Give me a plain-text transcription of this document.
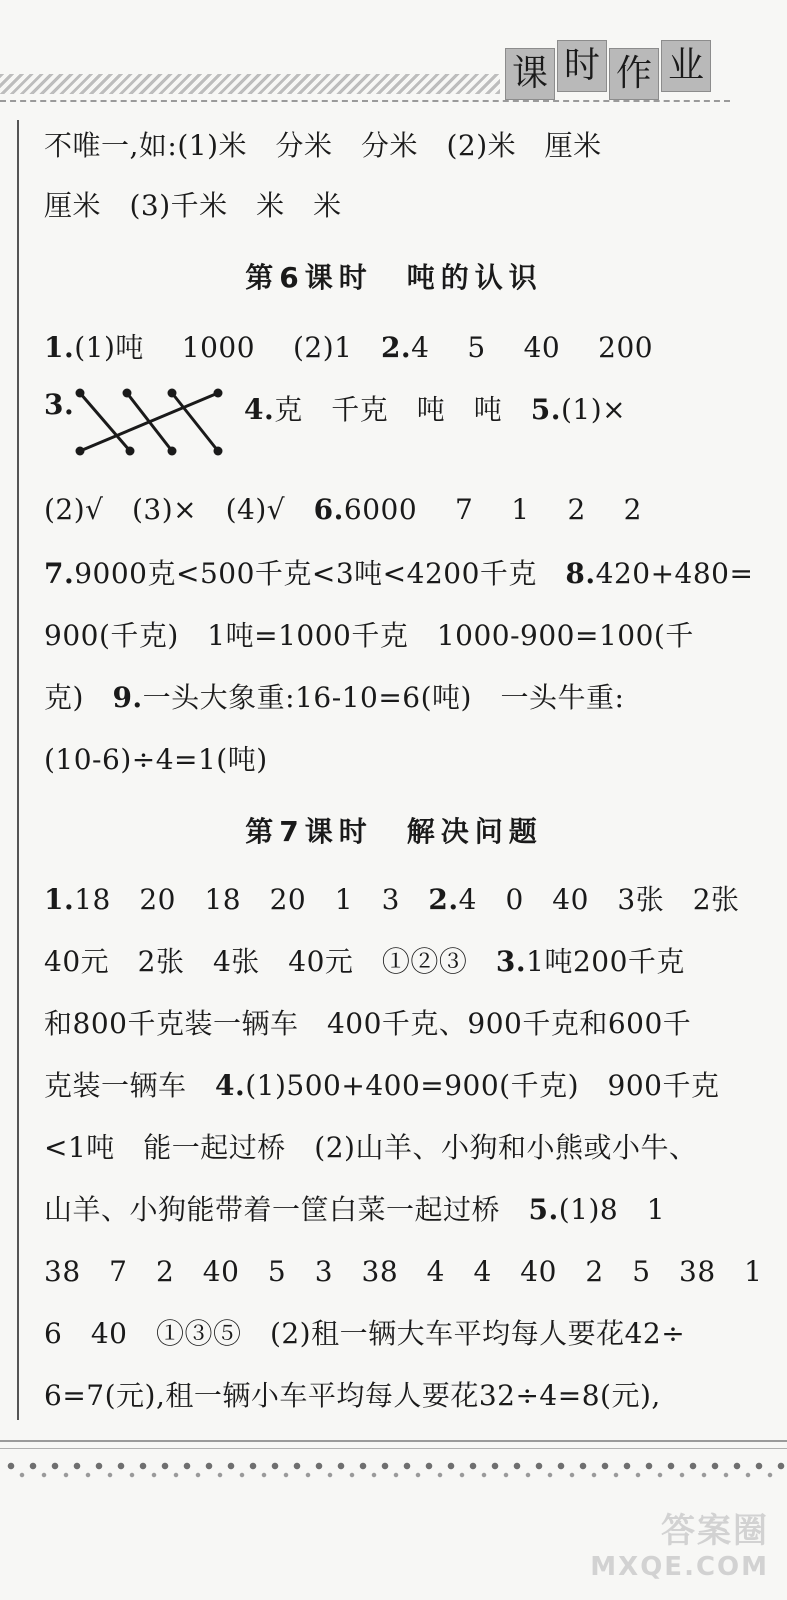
课 时 作 业
不唯一,如:(1)米　分米　分米　(2)米　厘米
厘米　(3)千米　米　米
第6课时　吨的认识
1.(1)吨　 1000　 (2)1　2.4　 5　 40　 200
3.	4.克　千克　吨　吨　5.(1)×
(2)√　(3)×　(4)√　6.6000　 7　 1　 2　 2
7.9000克<500千克<3吨<4200千克　8.420+480=
900(千克)　1吨=1000千克　1000-900=100(千
克)　9.一头大象重:16-10=6(吨)　一头牛重:
(10-6)÷4=1(吨)
第7课时　解决问题
1.18　20　18　20　1　3　2.4　0　40　3张　2张
40元　2张　4张　40元　①②③　3.1吨200千克
和800千克装一辆车　400千克、900千克和600千
克装一辆车　4.(1)500+400=900(千克)　900千克
<1吨　能一起过桥　(2)山羊、小狗和小熊或小牛、
山羊、小狗能带着一筐白菜一起过桥　5.(1)8　1
38　7　2　40　5　3　38　4　4　40　2　5　38　1
6　40　①③⑤　(2)租一辆大车平均每人要花42÷
6=7(元),租一辆小车平均每人要花32÷4=8(元),
答案圈
MXQE.COM
